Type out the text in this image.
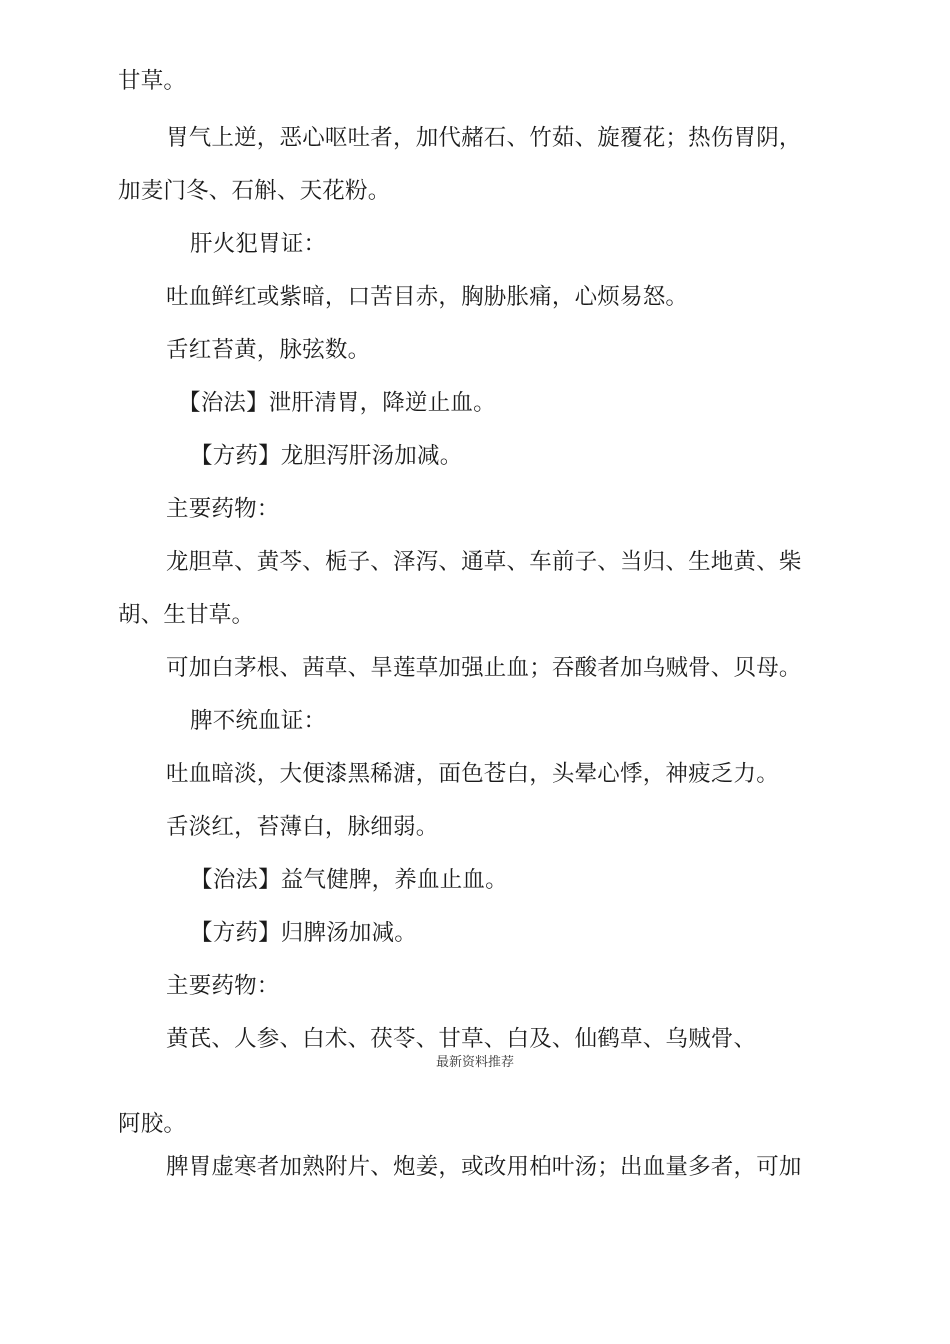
甘草。

胃气上逆，恶心呕吐者，加代赭石、竹茹、旋覆花；热伤胃阴，

加麦门冬、石斛、天花粉。

肝火犯胃证：

吐血鲜红或紫暗，口苦目赤，胸胁胀痛，心烦易怒。

舌红苔黄，脉弦数。

【治法】泄肝清胃，降逆止血。

【方药】龙胆泻肝汤加减。

主要药物：

龙胆草、黄芩、栀子、泽泻、通草、车前子、当归、生地黄、柴

胡、生甘草。

可加白茅根、茜草、旱莲草加强止血；吞酸者加乌贼骨、贝母。

脾不统血证：

吐血暗淡，大便漆黑稀溏，面色苍白，头晕心悸，神疲乏力。

舌淡红，苔薄白，脉细弱。

【治法】益气健脾，养血止血。

【方药】归脾汤加减。

主要药物：

黄芪、人参、白术、茯苓、甘草、白及、仙鹤草、乌贼骨、

最新资料推荐

阿胶。

脾胃虚寒者加熟附片、炮姜，或改用柏叶汤；出血量多者，可加
